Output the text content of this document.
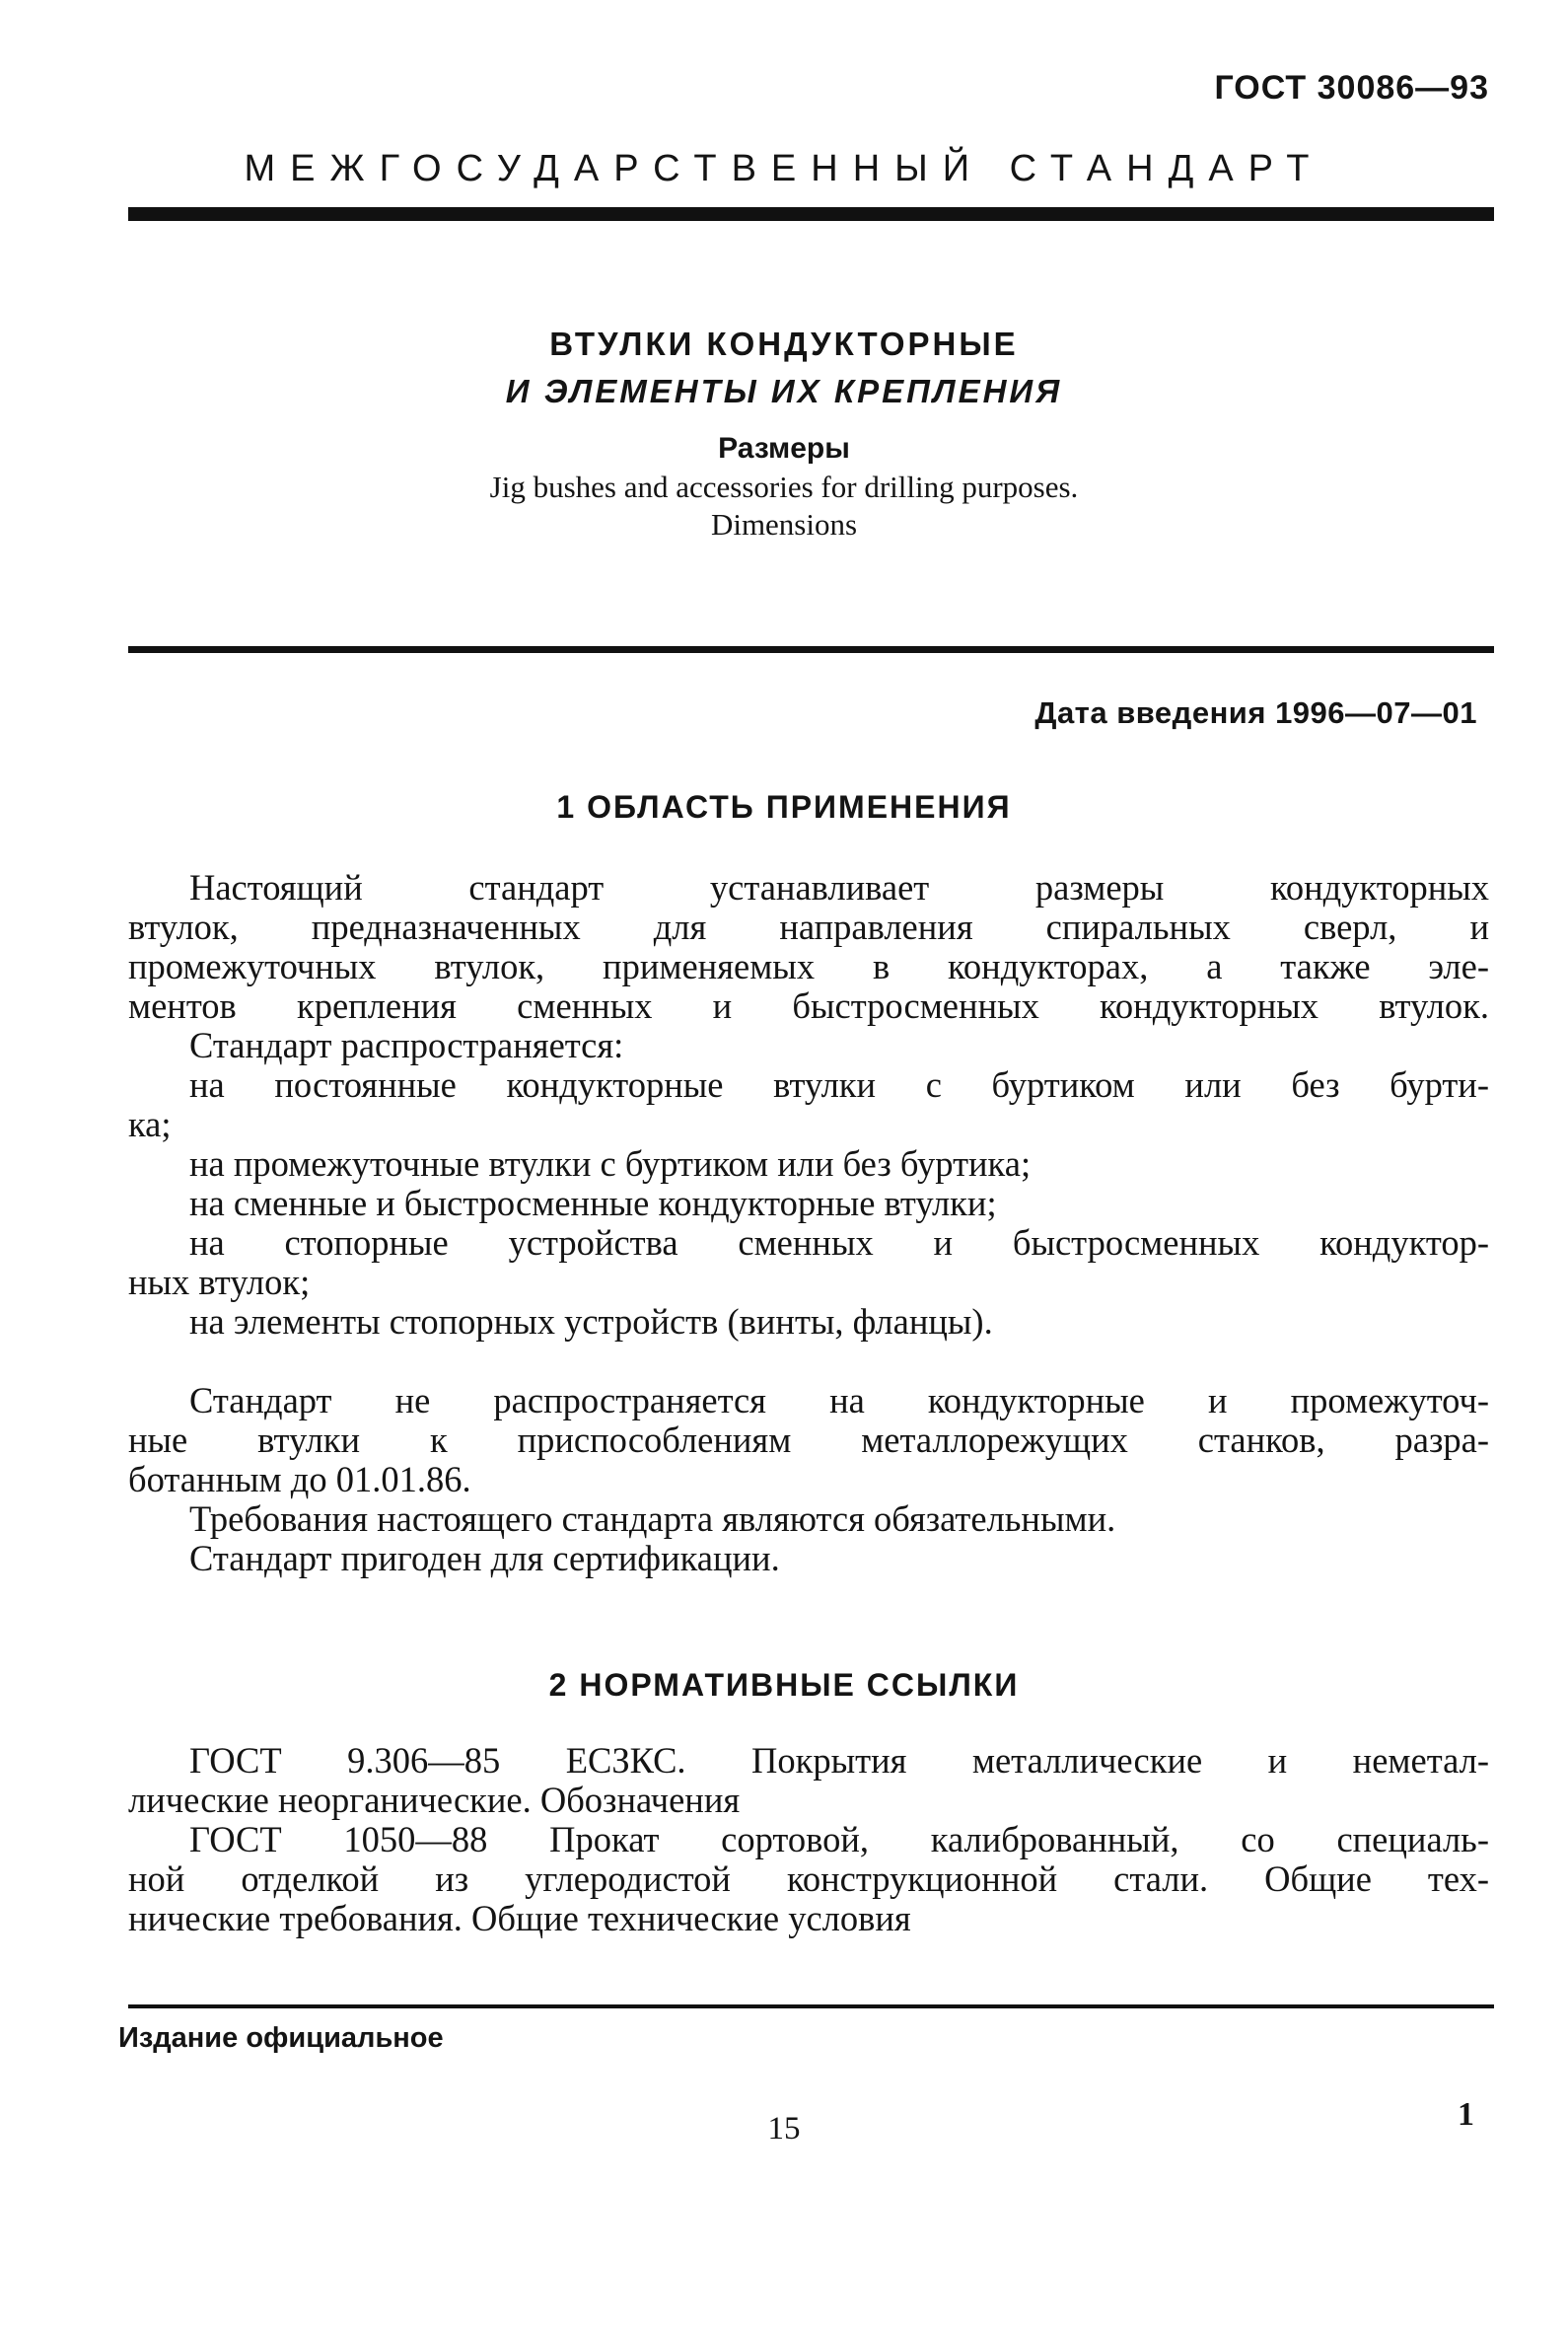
ГОСТ 30086—93
МЕЖГОСУДАРСТВЕННЫЙ СТАНДАРТ
ВТУЛКИ КОНДУКТОРНЫЕ
И ЭЛЕМЕНТЫ ИХ КРЕПЛЕНИЯ
Размеры
Jig bushes and accessories for drilling purposes.
Dimensions
Дата введения 1996—07—01
1 ОБЛАСТЬ ПРИМЕНЕНИЯ
Настоящий стандарт устанавливает размеры кондукторных
втулок, предназначенных для направления спиральных сверл, и
промежуточных втулок, применяемых в кондукторах, а также эле-
ментов крепления сменных и быстросменных кондукторных втулок.
Стандарт распространяется:
на постоянные кондукторные втулки с буртиком или без бурти-
ка;
на промежуточные втулки с буртиком или без буртика;
на сменные и быстросменные кондукторные втулки;
на стопорные устройства сменных и быстросменных кондуктор-
ных втулок;
на элементы стопорных устройств (винты, фланцы).
Стандарт не распространяется на кондукторные и промежуточ-
ные втулки к приспособлениям металлорежущих станков, разра-
ботанным до 01.01.86.
Требования настоящего стандарта являются обязательными.
Стандарт пригоден для сертификации.
2 НОРМАТИВНЫЕ ССЫЛКИ
ГОСТ 9.306—85 ЕСЗКС. Покрытия металлические и неметал-
лические неорганические. Обозначения
ГОСТ 1050—88 Прокат сортовой, калиброванный, со специаль-
ной отделкой из углеродистой конструкционной стали. Общие тех-
нические требования. Общие технические условия
Издание официальное
15	1
